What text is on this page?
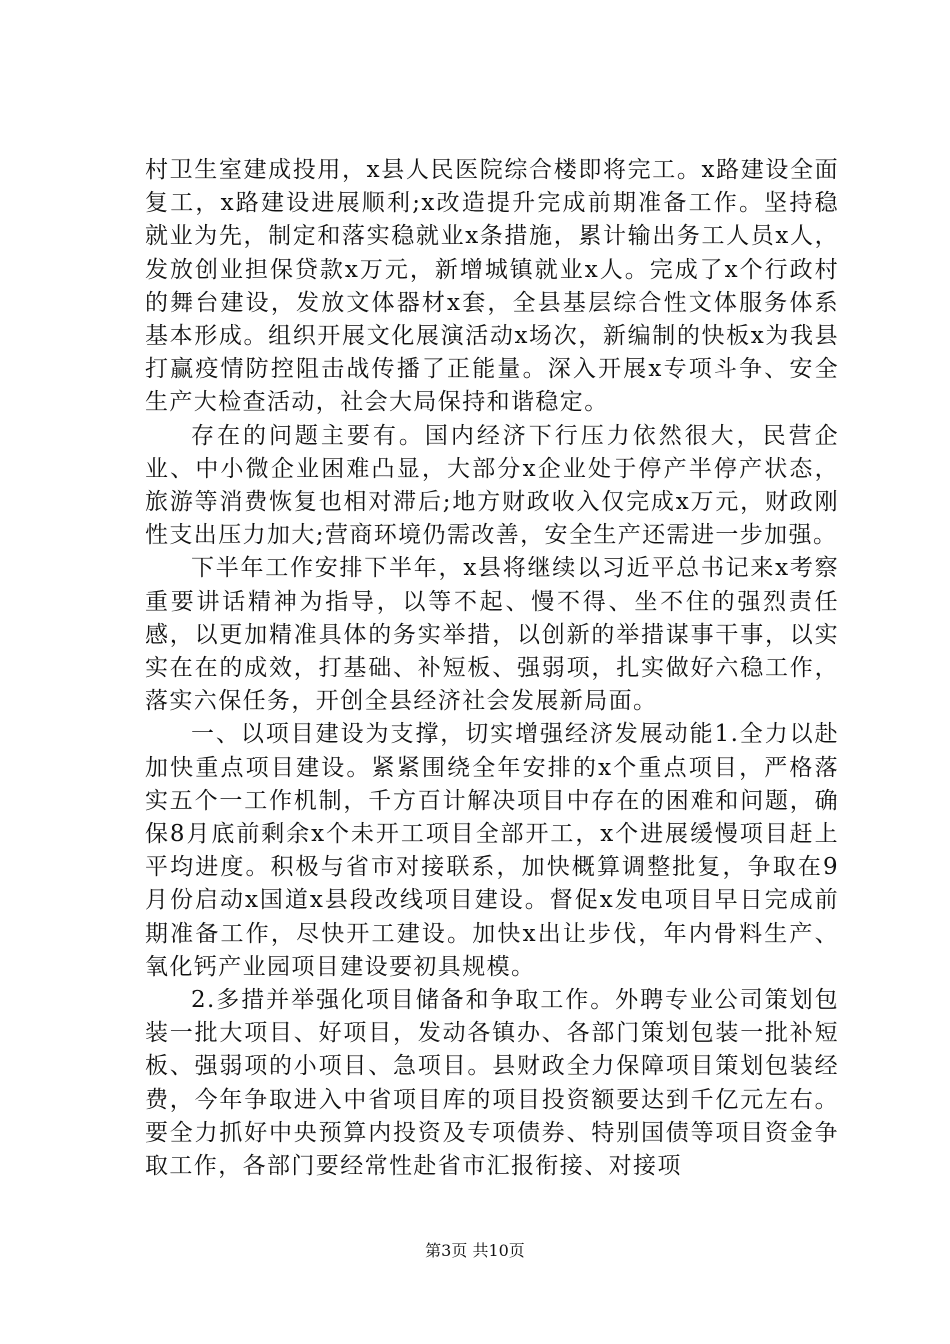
村卫生室建成投用，x县人民医院综合楼即将完工。x路建设全面复工，x路建设进展顺利;x改造提升完成前期准备工作。坚持稳就业为先，制定和落实稳就业x条措施，累计输出务工人员x人，发放创业担保贷款x万元，新增城镇就业x人。完成了x个行政村的舞台建设，发放文体器材x套，全县基层综合性文体服务体系基本形成。组织开展文化展演活动x场次，新编制的快板x为我县打赢疫情防控阻击战传播了正能量。深入开展x专项斗争、安全生产大检查活动，社会大局保持和谐稳定。

存在的问题主要有。国内经济下行压力依然很大，民营企业、中小微企业困难凸显，大部分x企业处于停产半停产状态，旅游等消费恢复也相对滞后;地方财政收入仅完成x万元，财政刚性支出压力加大;营商环境仍需改善，安全生产还需进一步加强。

下半年工作安排下半年，x县将继续以习近平总书记来x考察重要讲话精神为指导，以等不起、慢不得、坐不住的强烈责任感，以更加精准具体的务实举措，以创新的举措谋事干事，以实实在在的成效，打基础、补短板、强弱项，扎实做好六稳工作，落实六保任务，开创全县经济社会发展新局面。

一、以项目建设为支撑，切实增强经济发展动能1.全力以赴加快重点项目建设。紧紧围绕全年安排的x个重点项目，严格落实五个一工作机制，千方百计解决项目中存在的困难和问题，确保8月底前剩余x个未开工项目全部开工，x个进展缓慢项目赶上平均进度。积极与省市对接联系，加快概算调整批复，争取在9月份启动x国道x县段改线项目建设。督促x发电项目早日完成前期准备工作，尽快开工建设。加快x出让步伐，年内骨料生产、氧化钙产业园项目建设要初具规模。

2.多措并举强化项目储备和争取工作。外聘专业公司策划包装一批大项目、好项目，发动各镇办、各部门策划包装一批补短板、强弱项的小项目、急项目。县财政全力保障项目策划包装经费，今年争取进入中省项目库的项目投资额要达到千亿元左右。要全力抓好中央预算内投资及专项债券、特别国债等项目资金争取工作，各部门要经常性赴省市汇报衔接、对接项

第3页 共10页
